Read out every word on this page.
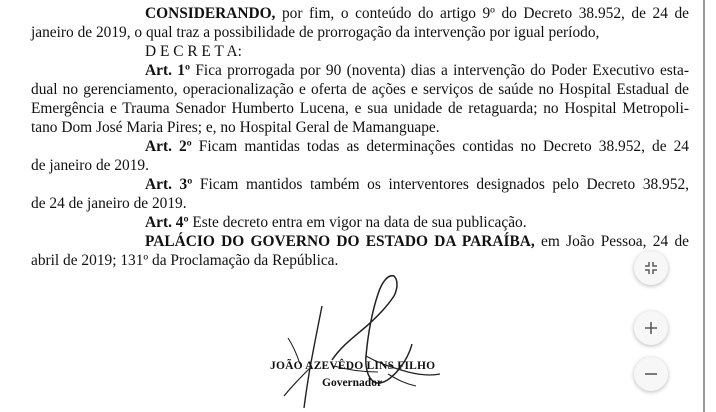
CONSIDERANDO, por fim, o conteúdo do artigo 9º do Decreto 38.952, de 24 de
janeiro de 2019, o qual traz a possibilidade de prorrogação da intervenção por igual período,
D E C R E T A:
Art. 1º Fica prorrogada por 90 (noventa) dias a intervenção do Poder Executivo esta-
dual no gerenciamento, operacionalização e oferta de ações e serviços de saúde no Hospital Estadual de
Emergência e Trauma Senador Humberto Lucena, e sua unidade de retaguarda; no Hospital Metropoli-
tano Dom José Maria Pires; e, no Hospital Geral de Mamanguape.
Art. 2º Ficam mantidas todas as determinações contidas no Decreto 38.952, de 24
de janeiro de 2019.
Art. 3º Ficam mantidos também os interventores designados pelo Decreto 38.952,
de 24 de janeiro de 2019.
Art. 4º Este decreto entra em vigor na data de sua publicação.
PALÁCIO DO GOVERNO DO ESTADO DA PARAÍBA, em João Pessoa, 24 de
abril de 2019; 131º da Proclamação da República.
JOÃO AZEVÊDO LINS FILHO
Governador
